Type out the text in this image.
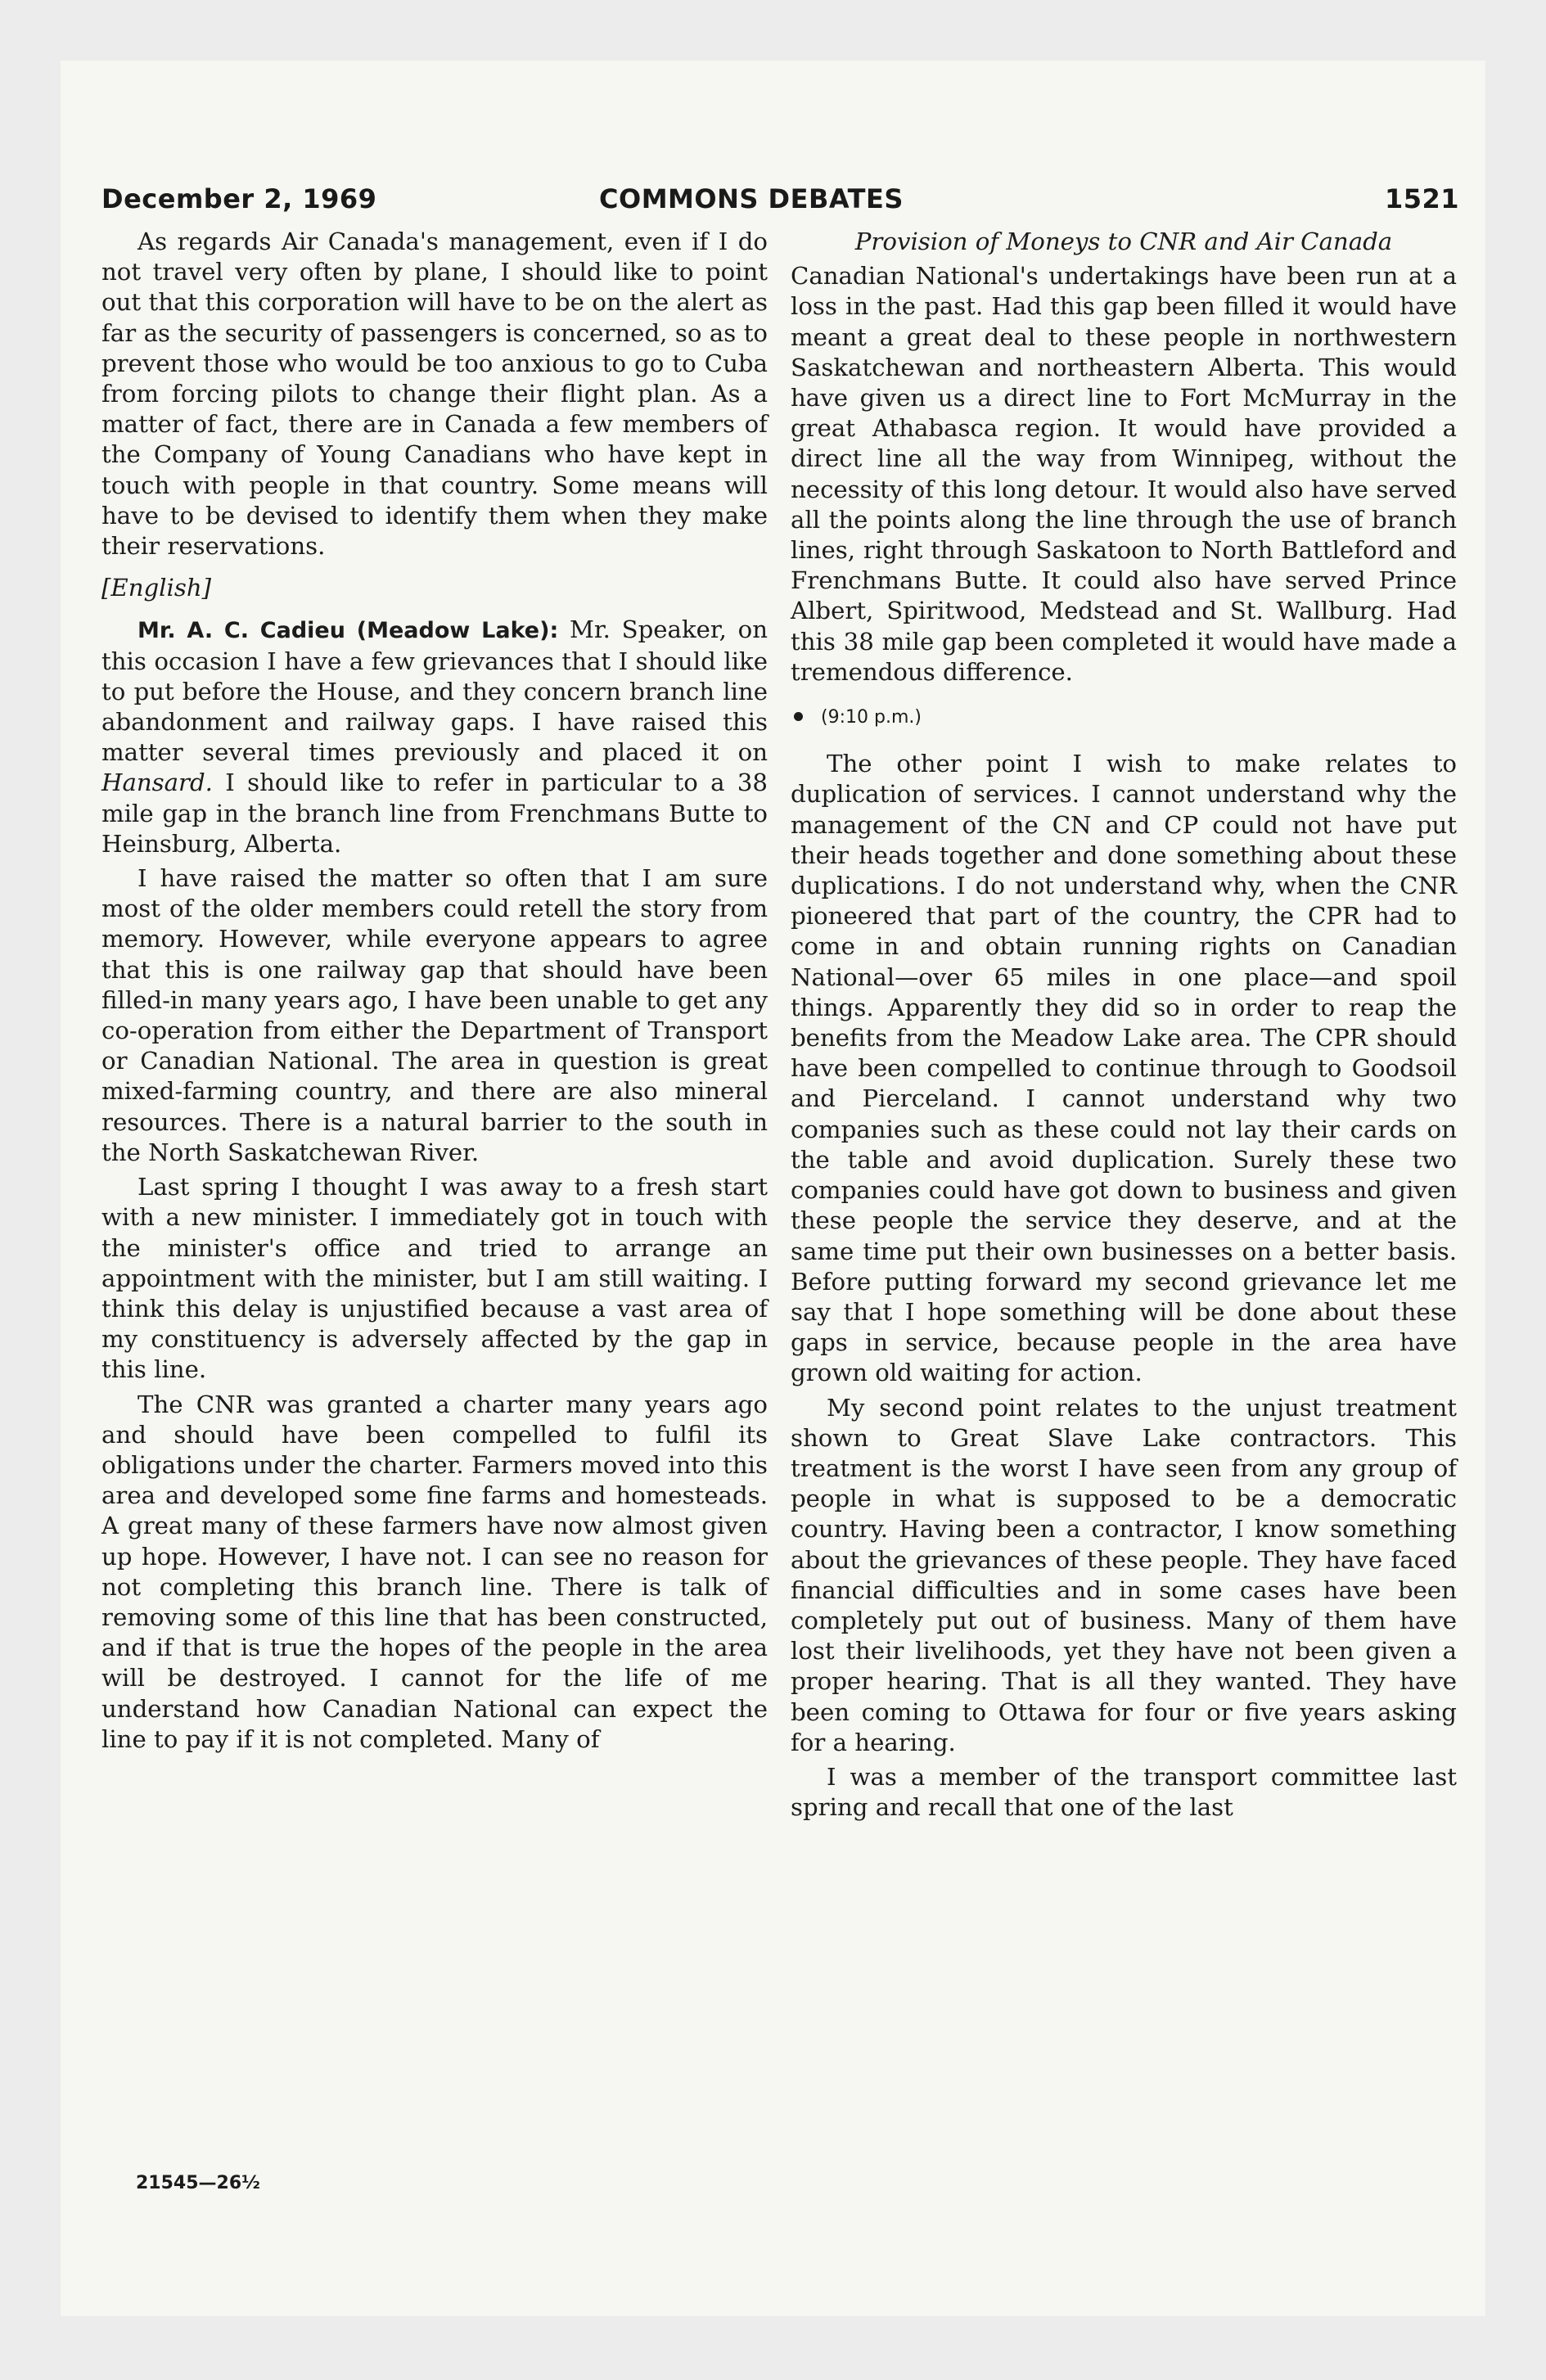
December 2, 1969	COMMONS DEBATES	1521

As regards Air Canada's management, even if I do not travel very often by plane, I should like to point out that this corporation will have to be on the alert as far as the security of passengers is concerned, so as to prevent those who would be too anxious to go to Cuba from forcing pilots to change their flight plan. As a matter of fact, there are in Canada a few members of the Company of Young Canadians who have kept in touch with people in that country. Some means will have to be devised to identify them when they make their reservations.

[English]

Mr. A. C. Cadieu (Meadow Lake): Mr. Speaker, on this occasion I have a few grievances that I should like to put before the House, and they concern branch line abandonment and railway gaps. I have raised this matter several times previously and placed it on Hansard. I should like to refer in particular to a 38 mile gap in the branch line from Frenchmans Butte to Heinsburg, Alberta.

I have raised the matter so often that I am sure most of the older members could retell the story from memory. However, while everyone appears to agree that this is one railway gap that should have been filled-in many years ago, I have been unable to get any co-operation from either the Department of Transport or Canadian National. The area in question is great mixed-farming country, and there are also mineral resources. There is a natural barrier to the south in the North Saskatchewan River.

Last spring I thought I was away to a fresh start with a new minister. I immediately got in touch with the minister's office and tried to arrange an appointment with the minister, but I am still waiting. I think this delay is unjustified because a vast area of my constituency is adversely affected by the gap in this line.

The CNR was granted a charter many years ago and should have been compelled to fulfil its obligations under the charter. Farmers moved into this area and developed some fine farms and homesteads. A great many of these farmers have now almost given up hope. However, I have not. I can see no reason for not completing this branch line. There is talk of removing some of this line that has been constructed, and if that is true the hopes of the people in the area will be destroyed. I cannot for the life of me understand how Canadian National can expect the line to pay if it is not completed. Many of

Provision of Moneys to CNR and Air Canada

Canadian National's undertakings have been run at a loss in the past. Had this gap been filled it would have meant a great deal to these people in northwestern Saskatchewan and northeastern Alberta. This would have given us a direct line to Fort McMurray in the great Athabasca region. It would have provided a direct line all the way from Winnipeg, without the necessity of this long detour. It would also have served all the points along the line through the use of branch lines, right through Saskatoon to North Battleford and Frenchmans Butte. It could also have served Prince Albert, Spiritwood, Medstead and St. Wallburg. Had this 38 mile gap been completed it would have made a tremendous difference.

(9:10 p.m.)

The other point I wish to make relates to duplication of services. I cannot understand why the management of the CN and CP could not have put their heads together and done something about these duplications. I do not understand why, when the CNR pioneered that part of the country, the CPR had to come in and obtain running rights on Canadian National—over 65 miles in one place—and spoil things. Apparently they did so in order to reap the benefits from the Meadow Lake area. The CPR should have been compelled to continue through to Goodsoil and Pierceland. I cannot understand why two companies such as these could not lay their cards on the table and avoid duplication. Surely these two companies could have got down to business and given these people the service they deserve, and at the same time put their own businesses on a better basis. Before putting forward my second grievance let me say that I hope something will be done about these gaps in service, because people in the area have grown old waiting for action.

My second point relates to the unjust treatment shown to Great Slave Lake contractors. This treatment is the worst I have seen from any group of people in what is supposed to be a democratic country. Having been a contractor, I know something about the grievances of these people. They have faced financial difficulties and in some cases have been completely put out of business. Many of them have lost their livelihoods, yet they have not been given a proper hearing. That is all they wanted. They have been coming to Ottawa for four or five years asking for a hearing.

I was a member of the transport committee last spring and recall that one of the last

21545—26½
